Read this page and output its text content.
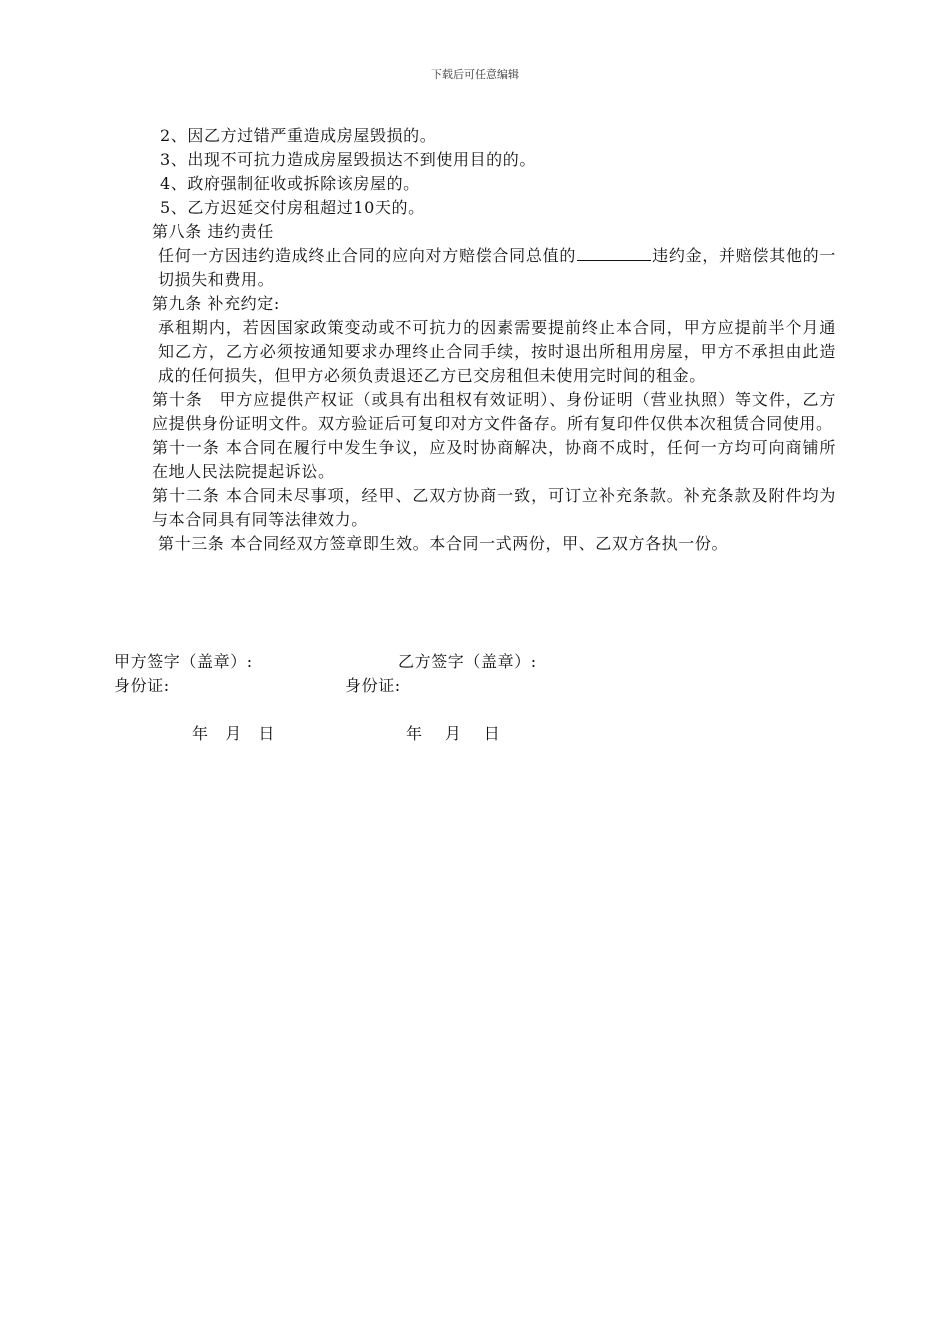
下载后可任意编辑
2、因乙方过错严重造成房屋毁损的。
3、出现不可抗力造成房屋毁损达不到使用目的的。
4、政府强制征收或拆除该房屋的。
5、乙方迟延交付房租超过10天的。
第八条 违约责任
任何一方因违约造成终止合同的应向对方赔偿合同总值的	违约金，并赔偿其他的一切损失和费用。
第九条 补充约定:
承租期内，若因国家政策变动或不可抗力的因素需要提前终止本合同，甲方应提前半个月通知乙方，乙方必须按通知要求办理终止合同手续，按时退出所租用房屋，甲方不承担由此造成的任何损失，但甲方必须负责退还乙方已交房租但未使用完时间的租金。
第十条　甲方应提供产权证（或具有出租权有效证明）、身份证明（营业执照）等文件，乙方应提供身份证明文件。双方验证后可复印对方文件备存。所有复印件仅供本次租赁合同使用。
第十一条 本合同在履行中发生争议，应及时协商解决，协商不成时，任何一方均可向商铺所在地人民法院提起诉讼。
第十二条 本合同未尽事项，经甲、乙双方协商一致，可订立补充条款。补充条款及附件均为与本合同具有同等法律效力。
第十三条 本合同经双方签章即生效。本合同一式两份，甲、乙双方各执一份。
甲方签字（盖章）:	乙方签字（盖章）:
身份证:	身份证:
年　月　日	年　 月　 日
